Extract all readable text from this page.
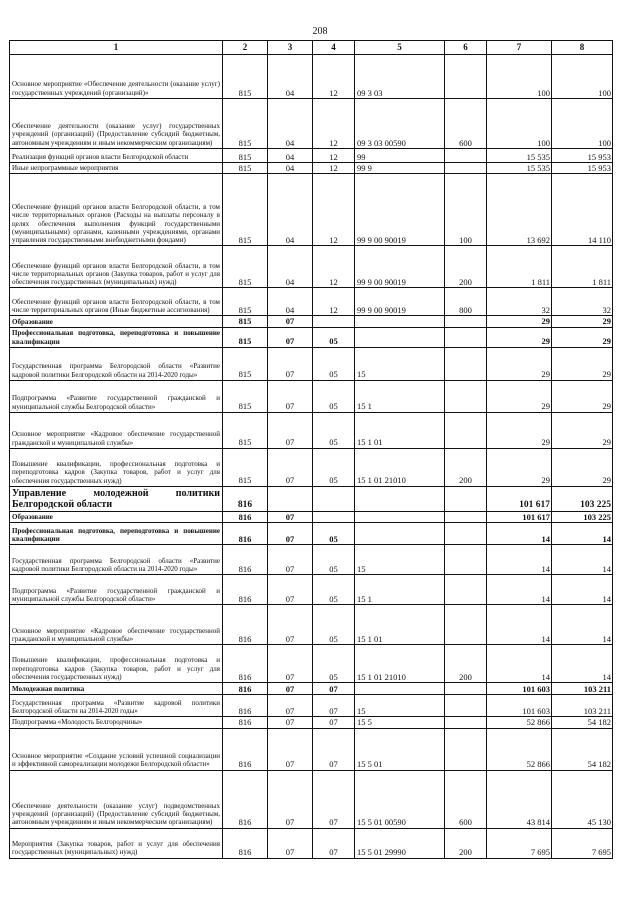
208
1	2	3	4	5	6	7	8
Основное мероприятие «Обеспечение деятельности (оказание услуг) государственных учреждений (организаций)»	815	04	12	09 3 03		100	100
Обеспечение деятельности (оказание услуг) государственных учреждений (организаций) (Предоставление субсидий бюджетным, автономным учреждениям и иным некоммерческим организациям)	815	04	12	09 3 03 00590	600	100	100
Реализация функций органов власти Белгородской области	815	04	12	99		15 535	15 953
Иные непрограммные мероприятия	815	04	12	99 9		15 535	15 953
Обеспечение функций органов власти Белгородской области, в том числе территориальных органов (Расходы на выплаты персоналу в целях обеспечения выполнения функций государственными (муниципальными) органами, казенными учреждениями, органами управления государственными внебюджетными фондами)	815	04	12	99 9 00 90019	100	13 692	14 110
Обеспечение функций органов власти Белгородской области, в том числе территориальных органов (Закупка товаров, работ и услуг для обеспечения государственных (муниципальных) нужд)	815	04	12	99 9 00 90019	200	1 811	1 811
Обеспечение функций органов власти Белгородской области, в том числе территориальных органов (Иные бюджетные ассигнования)	815	04	12	99 9 00 90019	800	32	32
Образование	815	07				29	29
Профессиональная подготовка, переподготовка и повышение квалификации	815	07	05			29	29
Государственная программа Белгородской области «Развитие кадровой политики Белгородской области на 2014-2020 годы»	815	07	05	15		29	29
Подпрограмма «Развитие государственной гражданской и муниципальной службы Белгородской области»	815	07	05	15 1		29	29
Основное мероприятие «Кадровое обеспечение государственной гражданской и муниципальной службы»	815	07	05	15 1 01		29	29
Повышение квалификации, профессиональная подготовка и переподготовка кадров (Закупка товаров, работ и услуг для обеспечения государственных нужд)	815	07	05	15 1 01 21010	200	29	29
Управление молодежной политики Белгородской области	816					101 617	103 225
Образование	816	07				101 617	103 225
Профессиональная подготовка, переподготовка и повышение квалификации	816	07	05			14	14
Государственная программа Белгородской области «Развитие кадровой политики Белгородской области на 2014-2020 годы»	816	07	05	15		14	14
Подпрограмма «Развитие государственной гражданской и муниципальной службы Белгородской области»	816	07	05	15 1		14	14
Основное мероприятие «Кадровое обеспечение государственной гражданской и муниципальной службы»	816	07	05	15 1 01		14	14
Повышение квалификации, профессиональная подготовка и переподготовка кадров (Закупка товаров, работ и услуг для обеспечения государственных нужд)	816	07	05	15 1 01 21010	200	14	14
Молодежная политика	816	07	07			101 603	103 211
Государственная программа «Развитие кадровой политики Белгородской области на 2014-2020 годы»	816	07	07	15		101 603	103 211
Подпрограмма «Молодость Белгородчины»	816	07	07	15 5		52 866	54 182
Основное мероприятие «Создание условий успешной социализации и эффективной самореализации молодежи Белгородской области»	816	07	07	15 5 01		52 866	54 182
Обеспечение деятельности (оказание услуг) подведомственных учреждений (организаций) (Предоставление субсидий бюджетным, автономным учреждениям и иным некоммерческим организациям)	816	07	07	15 5 01 00590	600	43 814	45 130
Мероприятия (Закупка товаров, работ и услуг для обеспечения государственных (муниципальных) нужд)	816	07	07	15 5 01 29990	200	7 695	7 695
